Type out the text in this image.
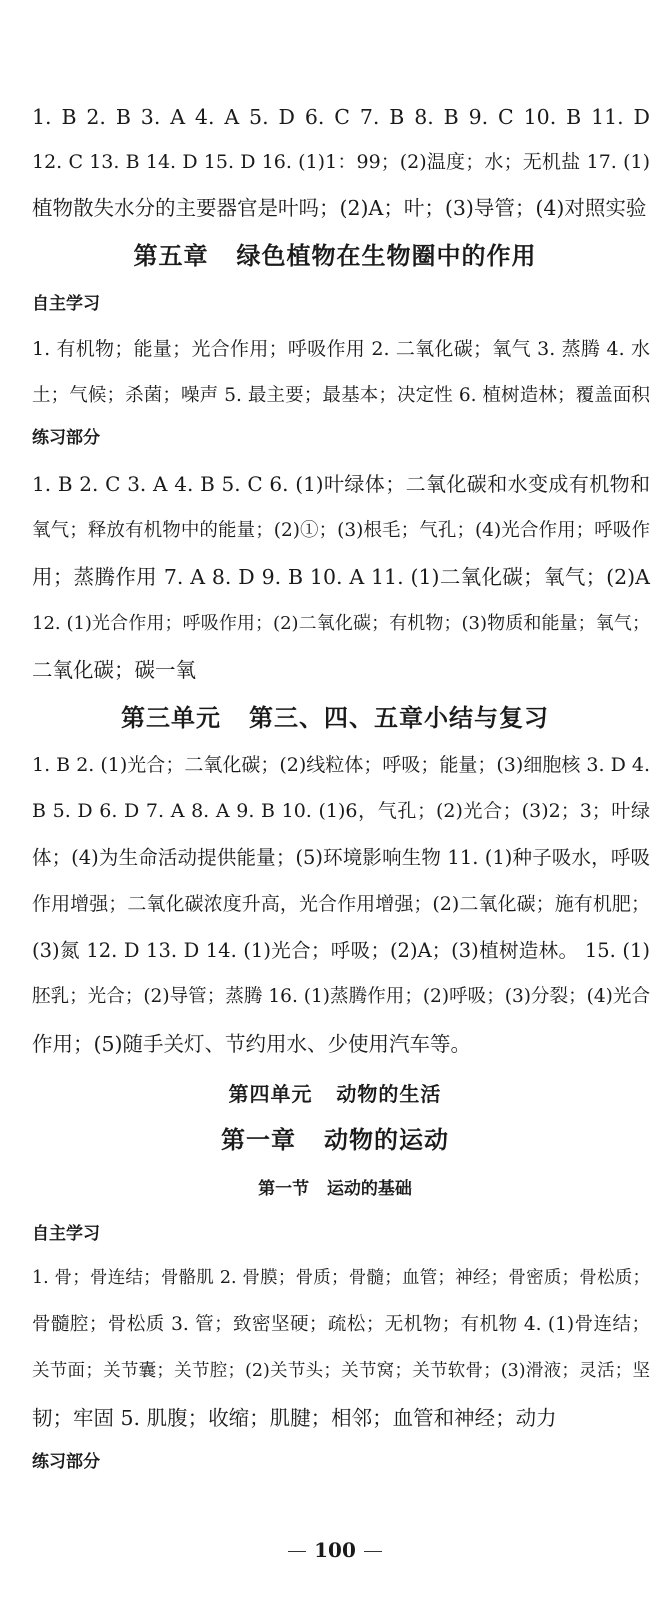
1. B 2. B 3. A 4. A 5. D 6. C 7. B 8. B 9. C 10. B 11. D
12. C 13. B 14. D 15. D 16. (1)1：99；(2)温度；水；无机盐 17. (1)
植物散失水分的主要器官是叶吗；(2)A；叶；(3)导管；(4)对照实验
第五章   绿色植物在生物圈中的作用
自主学习
1. 有机物；能量；光合作用；呼吸作用 2. 二氧化碳；氧气 3. 蒸腾 4. 水
土；气候；杀菌；噪声 5. 最主要；最基本；决定性 6. 植树造林；覆盖面积
练习部分
1. B 2. C 3. A 4. B 5. C 6. (1)叶绿体；二氧化碳和水变成有机物和
氧气；释放有机物中的能量；(2)①；(3)根毛；气孔；(4)光合作用；呼吸作
用；蒸腾作用 7. A 8. D 9. B 10. A 11. (1)二氧化碳；氧气；(2)A
12. (1)光合作用；呼吸作用；(2)二氧化碳；有机物；(3)物质和能量；氧气；
二氧化碳；碳一氧
第三单元   第三、四、五章小结与复习
1. B 2. (1)光合；二氧化碳；(2)线粒体；呼吸；能量；(3)细胞核 3. D 4.
B 5. D 6. D 7. A 8. A 9. B 10. (1)6，气孔；(2)光合；(3)2；3；叶绿
体；(4)为生命活动提供能量；(5)环境影响生物 11. (1)种子吸水，呼吸
作用增强；二氧化碳浓度升高，光合作用增强；(2)二氧化碳；施有机肥；
(3)氮 12. D 13. D 14. (1)光合；呼吸；(2)A；(3)植树造林。 15. (1)
胚乳；光合；(2)导管；蒸腾 16. (1)蒸腾作用；(2)呼吸；(3)分裂；(4)光合
作用；(5)随手关灯、节约用水、少使用汽车等。
第四单元   动物的生活
第一章   动物的运动
第一节   运动的基础
自主学习
1. 骨；骨连结；骨骼肌 2. 骨膜；骨质；骨髓；血管；神经；骨密质；骨松质；
骨髓腔；骨松质 3. 管；致密坚硬；疏松；无机物；有机物 4. (1)骨连结；
关节面；关节囊；关节腔；(2)关节头；关节窝；关节软骨；(3)滑液；灵活；坚
韧；牢固 5. 肌腹；收缩；肌腱；相邻；血管和神经；动力
练习部分
100
